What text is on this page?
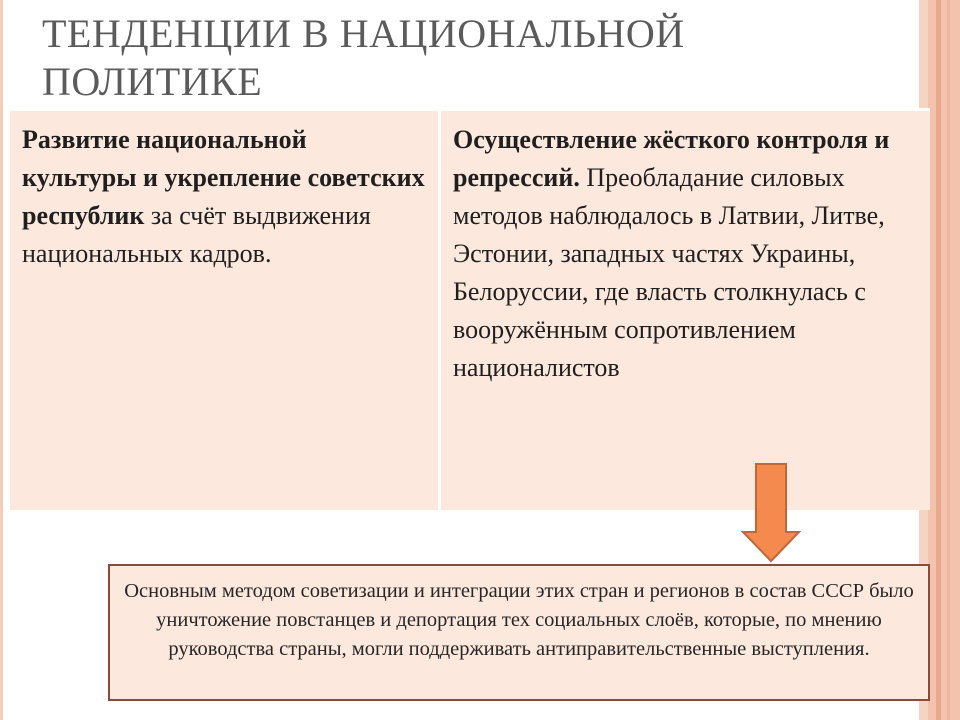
ТЕНДЕНЦИИ В НАЦИОНАЛЬНОЙ ПОЛИТИКЕ
Развитие национальной культуры и укрепление советских республик за счёт выдвижения национальных кадров.
Осуществление жёсткого контроля и репрессий. Преобладание силовых методов наблюдалось в Латвии, Литве, Эстонии, западных частях Украины, Белоруссии, где власть столкнулась с вооружённым сопротивлением националистов
Основным методом советизации и интеграции этих стран и регионов в состав СССР было уничтожение повстанцев и депортация тех социальных слоёв, которые, по мнению руководства страны, могли поддерживать антиправительственные выступления.
